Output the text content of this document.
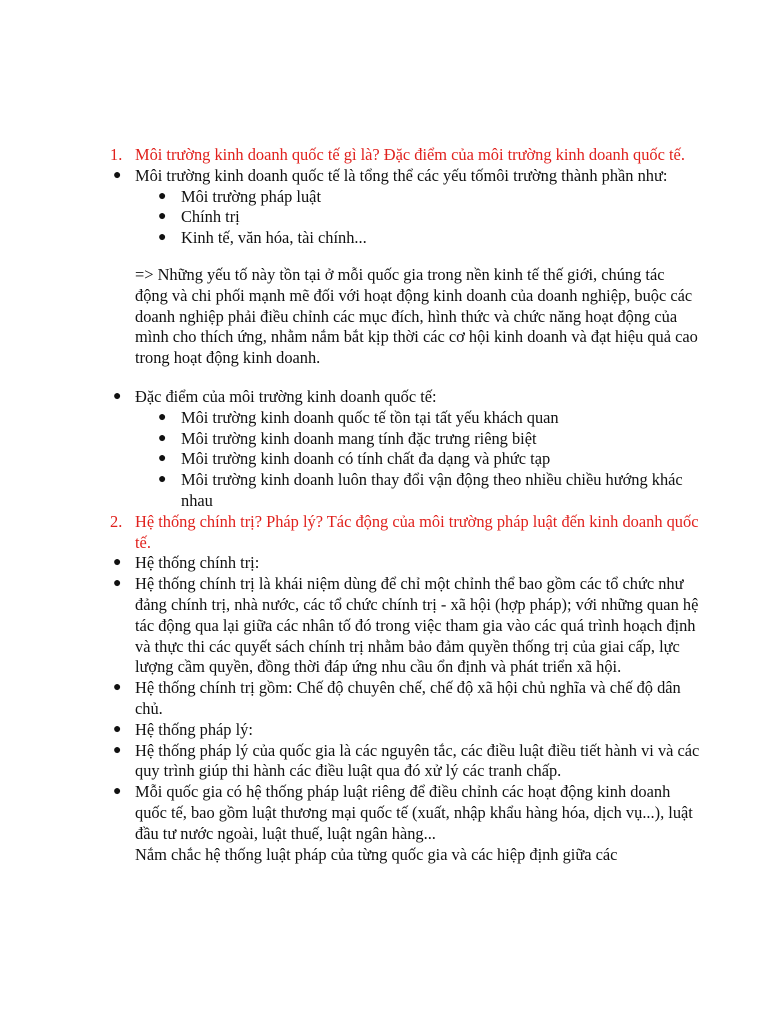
1. Môi trường kinh doanh quốc tế gì là? Đặc điểm của môi trường kinh doanh quốc tế.
● Môi trường kinh doanh quốc tế là tổng thể các yếu tốmôi trường thành phần như:
● Môi trường pháp luật
● Chính trị
● Kinh tế, văn hóa, tài chính...
=> Những yếu tố này tồn tại ở mỗi quốc gia trong nền kinh tế thế giới, chúng tác động và chi phối mạnh mẽ đối với hoạt động kinh doanh của doanh nghiệp, buộc các doanh nghiệp phải điều chỉnh các mục đích, hình thức và chức năng hoạt động của mình cho thích ứng, nhằm nắm bắt kịp thời các cơ hội kinh doanh và đạt hiệu quả cao trong hoạt động kinh doanh.
● Đặc điểm của môi trường kinh doanh quốc tế:
● Môi trường kinh doanh quốc tế tồn tại tất yếu khách quan
● Môi trường kinh doanh mang tính đặc trưng riêng biệt
● Môi trường kinh doanh có tính chất đa dạng và phức tạp
● Môi trường kinh doanh luôn thay đổi vận động theo nhiều chiều hướng khác nhau
2. Hệ thống chính trị? Pháp lý? Tác động của môi trường pháp luật đến kinh doanh quốc tế.
● Hệ thống chính trị:
● Hệ thống chính trị là khái niệm dùng để chỉ một chỉnh thể bao gồm các tổ chức như đảng chính trị, nhà nước, các tổ chức chính trị - xã hội (hợp pháp); với những quan hệ tác động qua lại giữa các nhân tố đó trong việc tham gia vào các quá trình hoạch định và thực thi các quyết sách chính trị nhằm bảo đảm quyền thống trị của giai cấp, lực lượng cầm quyền, đồng thời đáp ứng nhu cầu ổn định và phát triển xã hội.
● Hệ thống chính trị gồm: Chế độ chuyên chế, chế độ xã hội chủ nghĩa và chế độ dân chủ.
● Hệ thống pháp lý:
● Hệ thống pháp lý của quốc gia là các nguyên tắc, các điều luật điều tiết hành vi và các quy trình giúp thi hành các điều luật qua đó xử lý các tranh chấp.
● Mỗi quốc gia có hệ thống pháp luật riêng để điều chỉnh các hoạt động kinh doanh quốc tế, bao gồm luật thương mại quốc tế (xuất, nhập khẩu hàng hóa, dịch vụ...), luật đầu tư nước ngoài, luật thuế, luật ngân hàng...
Nắm chắc hệ thống luật pháp của từng quốc gia và các hiệp định giữa các
